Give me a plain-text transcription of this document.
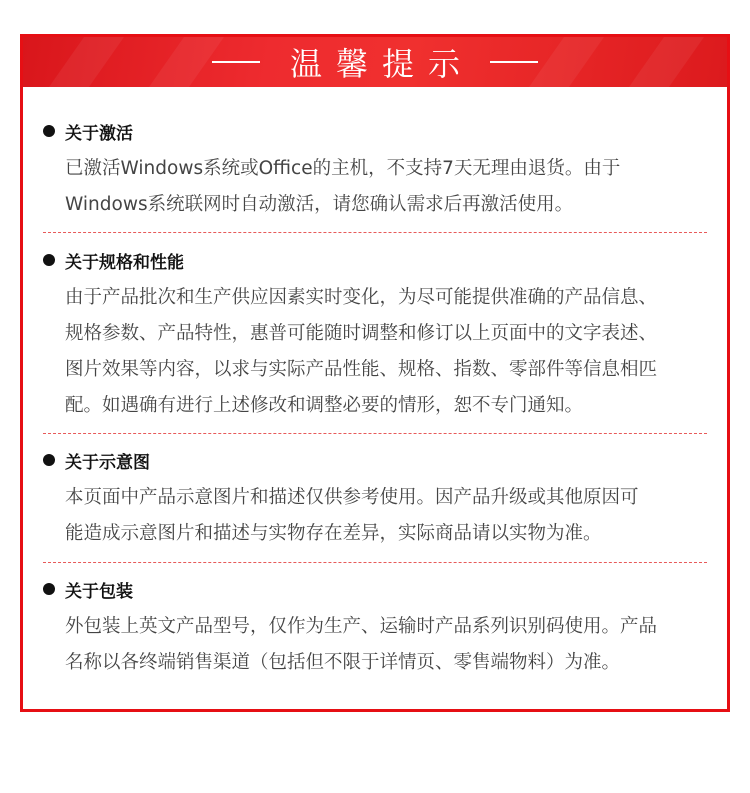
温馨提示
关于激活
已激活Windows系统或Office的主机，不支持7天无理由退货。由于
Windows系统联网时自动激活，请您确认需求后再激活使用。
关于规格和性能
由于产品批次和生产供应因素实时变化，为尽可能提供准确的产品信息、
规格参数、产品特性，惠普可能随时调整和修订以上页面中的文字表述、
图片效果等内容，以求与实际产品性能、规格、指数、零部件等信息相匹
配。如遇确有进行上述修改和调整必要的情形，恕不专门通知。
关于示意图
本页面中产品示意图片和描述仅供参考使用。因产品升级或其他原因可
能造成示意图片和描述与实物存在差异，实际商品请以实物为准。
关于包装
外包装上英文产品型号，仅作为生产、运输时产品系列识别码使用。产品
名称以各终端销售渠道（包括但不限于详情页、零售端物料）为准。
